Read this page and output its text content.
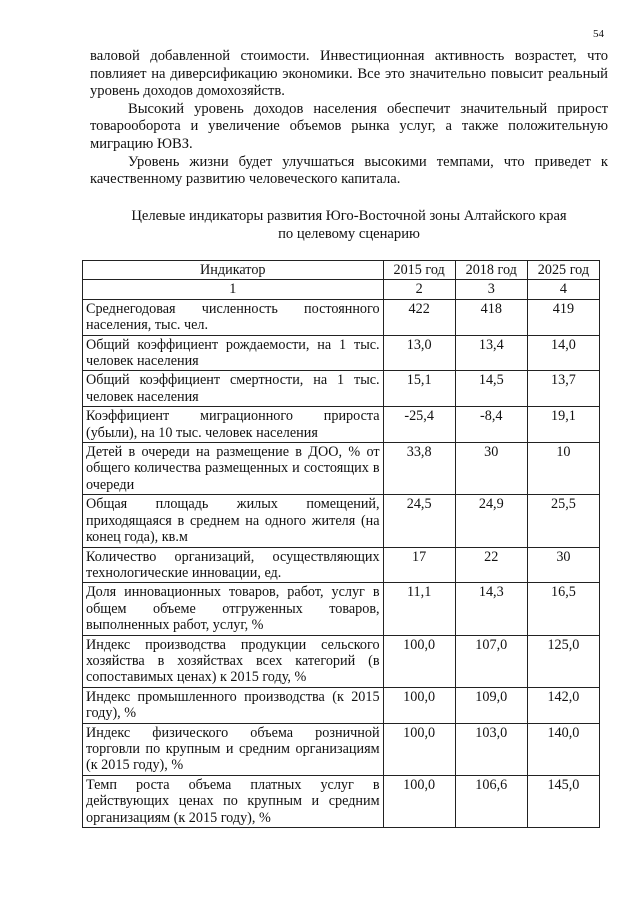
54

валовой добавленной стоимости. Инвестиционная активность возрастет, что повлияет на диверсификацию экономики. Все это значительно повысит реальный уровень доходов домохозяйств.

Высокий уровень доходов населения обеспечит значительный прирост товарооборота и увеличение объемов рынка услуг, а также положительную миграцию ЮВЗ.

Уровень жизни будет улучшаться высокими темпами, что приведет к качественному развитию человеческого капитала.

Целевые индикаторы развития Юго-Восточной зоны Алтайского края
по целевому сценарию
Индикатор	2015 год	2018 год	2025 год
1	2	3	4
Среднегодовая численность постоянного населения, тыс. чел.	422	418	419
Общий коэффициент рождаемости, на 1 тыс. человек населения	13,0	13,4	14,0
Общий коэффициент смертности, на 1 тыс. человек населения	15,1	14,5	13,7
Коэффициент миграционного прироста (убыли), на 10 тыс. человек населения	-25,4	-8,4	19,1
Детей в очереди на размещение в ДОО, % от общего количества размещенных и состоящих в очереди	33,8	30	10
Общая площадь жилых помещений, приходящаяся в среднем на одного жителя (на конец года), кв.м	24,5	24,9	25,5
Количество организаций, осуществляющих технологические инновации, ед.	17	22	30
Доля инновационных товаров, работ, услуг в общем объеме отгруженных товаров, выполненных работ, услуг, %	11,1	14,3	16,5
Индекс производства продукции сельского хозяйства в хозяйствах всех категорий (в сопоставимых ценах) к 2015 году, %	100,0	107,0	125,0
Индекс промышленного производства (к 2015 году), %	100,0	109,0	142,0
Индекс физического объема розничной торговли по крупным и средним организациям (к 2015 году), %	100,0	103,0	140,0
Темп роста объема платных услуг в действующих ценах по крупным и средним организациям (к 2015 году), %	100,0	106,6	145,0
